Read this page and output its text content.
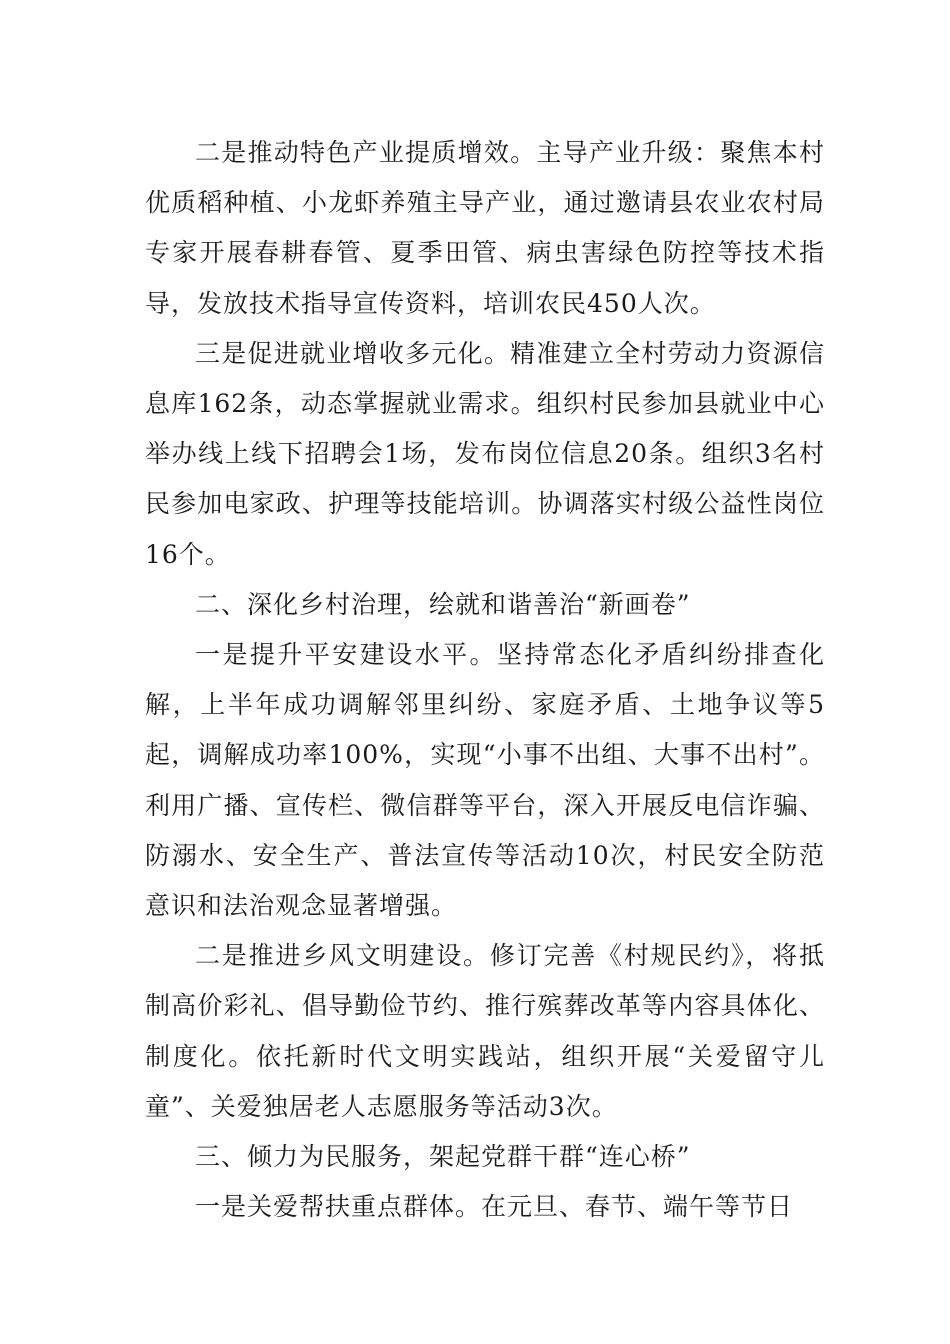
二是推动特色产业提质增效。主导产业升级：聚焦本村优质稻种植、小龙虾养殖主导产业，通过邀请县农业农村局专家开展春耕春管、夏季田管、病虫害绿色防控等技术指导，发放技术指导宣传资料，培训农民450人次。

三是促进就业增收多元化。精准建立全村劳动力资源信息库162条，动态掌握就业需求。组织村民参加县就业中心举办线上线下招聘会1场，发布岗位信息20条。组织3名村民参加电家政、护理等技能培训。协调落实村级公益性岗位16个。

二、深化乡村治理，绘就和谐善治“新画卷”

一是提升平安建设水平。坚持常态化矛盾纠纷排查化解，上半年成功调解邻里纠纷、家庭矛盾、土地争议等5起，调解成功率100%，实现“小事不出组、大事不出村”。利用广播、宣传栏、微信群等平台，深入开展反电信诈骗、防溺水、安全生产、普法宣传等活动10次，村民安全防范意识和法治观念显著增强。

二是推进乡风文明建设。修订完善《村规民约》，将抵制高价彩礼、倡导勤俭节约、推行殡葬改革等内容具体化、制度化。依托新时代文明实践站，组织开展“关爱留守儿童”、关爱独居老人志愿服务等活动3次。

三、倾力为民服务，架起党群干群“连心桥”

一是关爱帮扶重点群体。在元旦、春节、端午等节日
